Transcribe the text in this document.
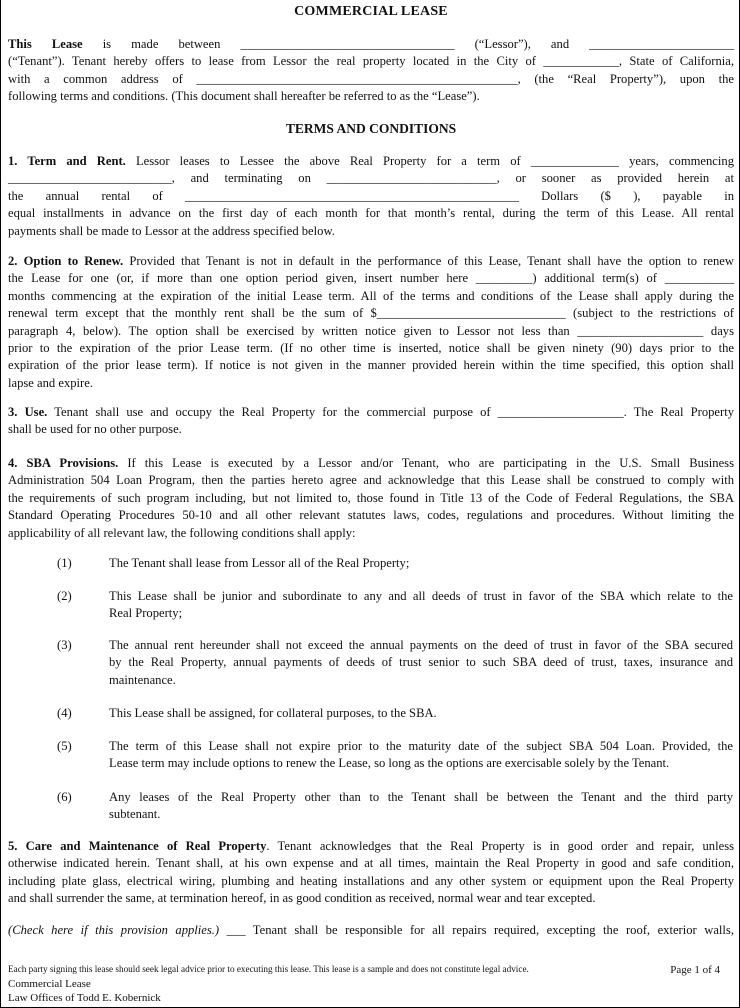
COMMERCIAL LEASE
This Lease is made between __________________________________ (“Lessor”), and _______________________
(“Tenant”). Tenant hereby offers to lease from Lessor the real property located in the City of ____________, State of California,
with a common address of ___________________________________________________, (the “Real Property”), upon the
following terms and conditions. (This document shall hereafter be referred to as the “Lease”).
TERMS AND CONDITIONS
1. Term and Rent. Lessor leases to Lessee the above Real Property for a term of ______________ years, commencing
__________________________, and terminating on ___________________________, or sooner as provided herein at
the annual rental of _____________________________________________________ Dollars ($ ), payable in
equal installments in advance on the first day of each month for that month’s rental, during the term of this Lease. All rental
payments shall be made to Lessor at the address specified below.
2. Option to Renew. Provided that Tenant is not in default in the performance of this Lease, Tenant shall have the option to renew
the Lease for one (or, if more than one option period given, insert number here _________) additional term(s) of ___________
months commencing at the expiration of the initial Lease term. All of the terms and conditions of the Lease shall apply during the
renewal term except that the monthly rent shall be the sum of $______________________________ (subject to the restrictions of
paragraph 4, below). The option shall be exercised by written notice given to Lessor not less than ____________________ days
prior to the expiration of the prior Lease term. (If no other time is inserted, notice shall be given ninety (90) days prior to the
expiration of the prior lease term). If notice is not given in the manner provided herein within the time specified, this option shall
lapse and expire.
3. Use. Tenant shall use and occupy the Real Property for the commercial purpose of ____________________. The Real Property
shall be used for no other purpose.
4. SBA Provisions. If this Lease is executed by a Lessor and/or Tenant, who are participating in the U.S. Small Business
Administration 504 Loan Program, then the parties hereto agree and acknowledge that this Lease shall be construed to comply with
the requirements of such program including, but not limited to, those found in Title 13 of the Code of Federal Regulations, the SBA
Standard Operating Procedures 50-10 and all other relevant statutes laws, codes, regulations and procedures. Without limiting the
applicability of all relevant law, the following conditions shall apply:
(1)	The Tenant shall lease from Lessor all of the Real Property;
(2)	This Lease shall be junior and subordinate to any and all deeds of trust in favor of the SBA which relate to the
Real Property;
(3)	The annual rent hereunder shall not exceed the annual payments on the deed of trust in favor of the SBA secured
by the Real Property, annual payments of deeds of trust senior to such SBA deed of trust, taxes, insurance and
maintenance.
(4)	This Lease shall be assigned, for collateral purposes, to the SBA.
(5)	The term of this Lease shall not expire prior to the maturity date of the subject SBA 504 Loan. Provided, the
Lease term may include options to renew the Lease, so long as the options are exercisable solely by the Tenant.
(6)	Any leases of the Real Property other than to the Tenant shall be between the Tenant and the third party
subtenant.
5. Care and Maintenance of Real Property. Tenant acknowledges that the Real Property is in good order and repair, unless
otherwise indicated herein. Tenant shall, at his own expense and at all times, maintain the Real Property in good and safe condition,
including plate glass, electrical wiring, plumbing and heating installations and any other system or equipment upon the Real Property
and shall surrender the same, at termination hereof, in as good condition as received, normal wear and tear excepted.
(Check here if this provision applies.) ___ Tenant shall be responsible for all repairs required, excepting the roof, exterior walls,
Each party signing this lease should seek legal advice prior to executing this lease. This lease is a sample and does not constitute legal advice.	Page 1 of 4
Commercial Lease
Law Offices of Todd E. Kobernick
